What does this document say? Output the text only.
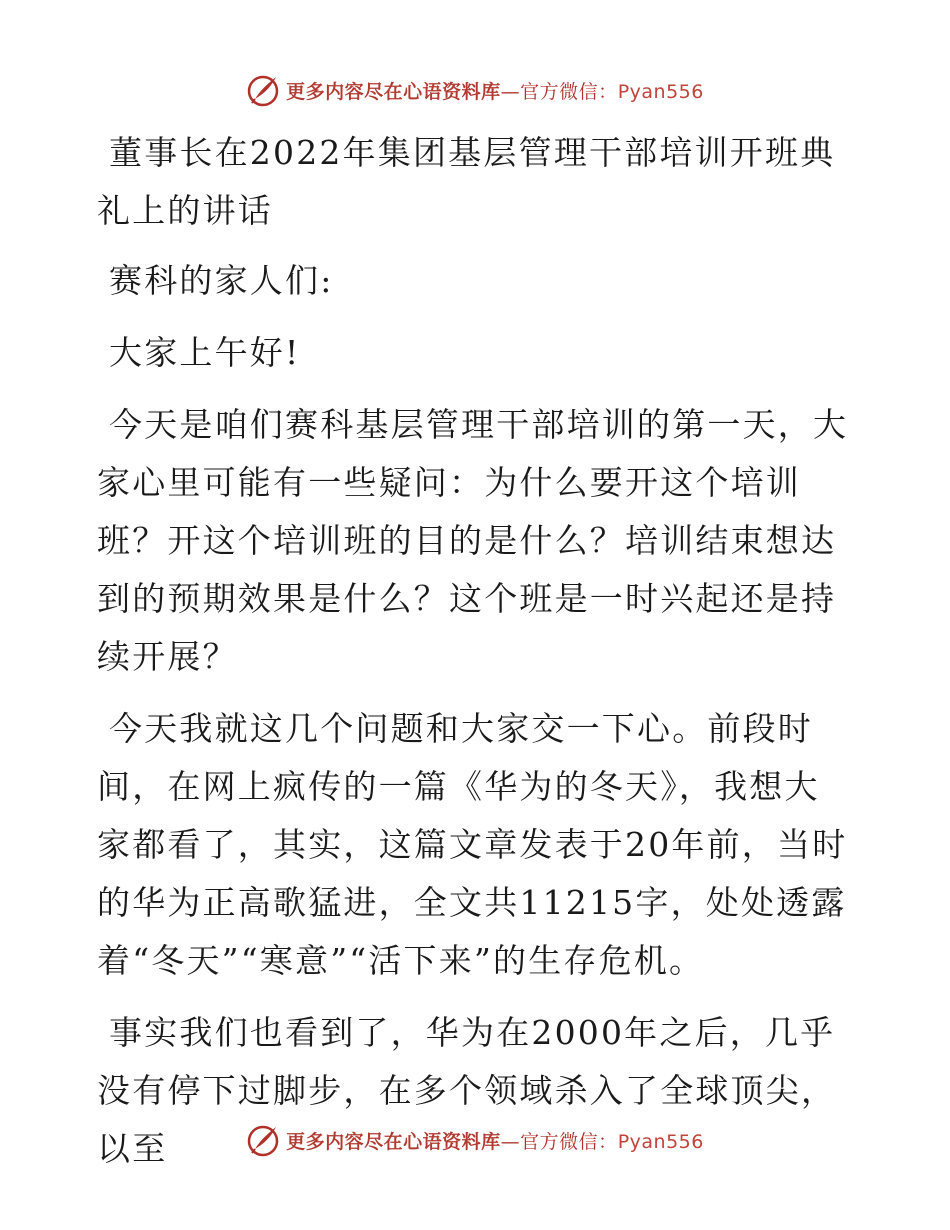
更多内容尽在心语资料库—官方微信：Pyan556

董事长在2022年集团基层管理干部培训开班典礼上的讲话

赛科的家人们:

大家上午好!

今天是咱们赛科基层管理干部培训的第一天，大家心里可能有一些疑问：为什么要开这个培训班？开这个培训班的目的是什么？培训结束想达到的预期效果是什么？这个班是一时兴起还是持续开展？

今天我就这几个问题和大家交一下心。前段时间，在网上疯传的一篇《华为的冬天》，我想大家都看了，其实，这篇文章发表于20年前，当时的华为正高歌猛进，全文共11215字，处处透露着“冬天”“寒意”“活下来”的生存危机。

事实我们也看到了，华为在2000年之后，几乎没有停下过脚步，在多个领域杀入了全球顶尖，以至	更多内容尽在心语资料库—官方微信：Pyan556
